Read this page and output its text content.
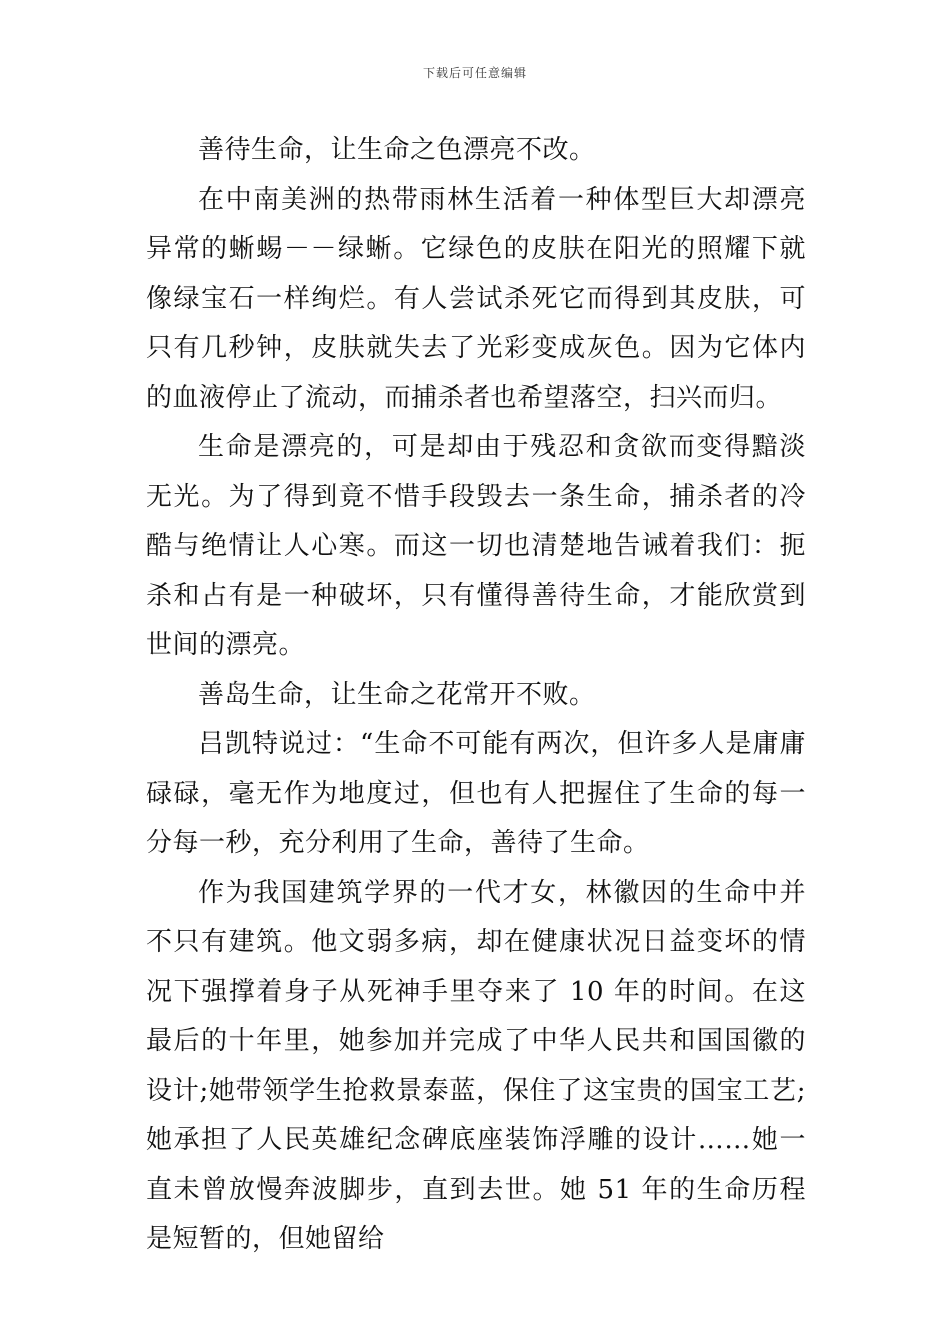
下载后可任意编辑

善待生命，让生命之色漂亮不改。

在中南美洲的热带雨林生活着一种体型巨大却漂亮异常的蜥蜴－－绿蜥。它绿色的皮肤在阳光的照耀下就像绿宝石一样绚烂。有人尝试杀死它而得到其皮肤，可只有几秒钟，皮肤就失去了光彩变成灰色。因为它体内的血液停止了流动，而捕杀者也希望落空，扫兴而归。

生命是漂亮的，可是却由于残忍和贪欲而变得黯淡无光。为了得到竟不惜手段毁去一条生命，捕杀者的冷酷与绝情让人心寒。而这一切也清楚地告诫着我们：扼杀和占有是一种破坏，只有懂得善待生命，才能欣赏到世间的漂亮。

善岛生命，让生命之花常开不败。

吕凯特说过：“生命不可能有两次，但许多人是庸庸碌碌，毫无作为地度过，但也有人把握住了生命的每一分每一秒，充分利用了生命，善待了生命。

作为我国建筑学界的一代才女，林徽因的生命中并不只有建筑。他文弱多病，却在健康状况日益变坏的情况下强撑着身子从死神手里夺来了 10 年的时间。在这最后的十年里，她参加并完成了中华人民共和国国徽的设计;她带领学生抢救景泰蓝，保住了这宝贵的国宝工艺;她承担了人民英雄纪念碑底座装饰浮雕的设计……她一直未曾放慢奔波脚步，直到去世。她 51 年的生命历程是短暂的，但她留给
